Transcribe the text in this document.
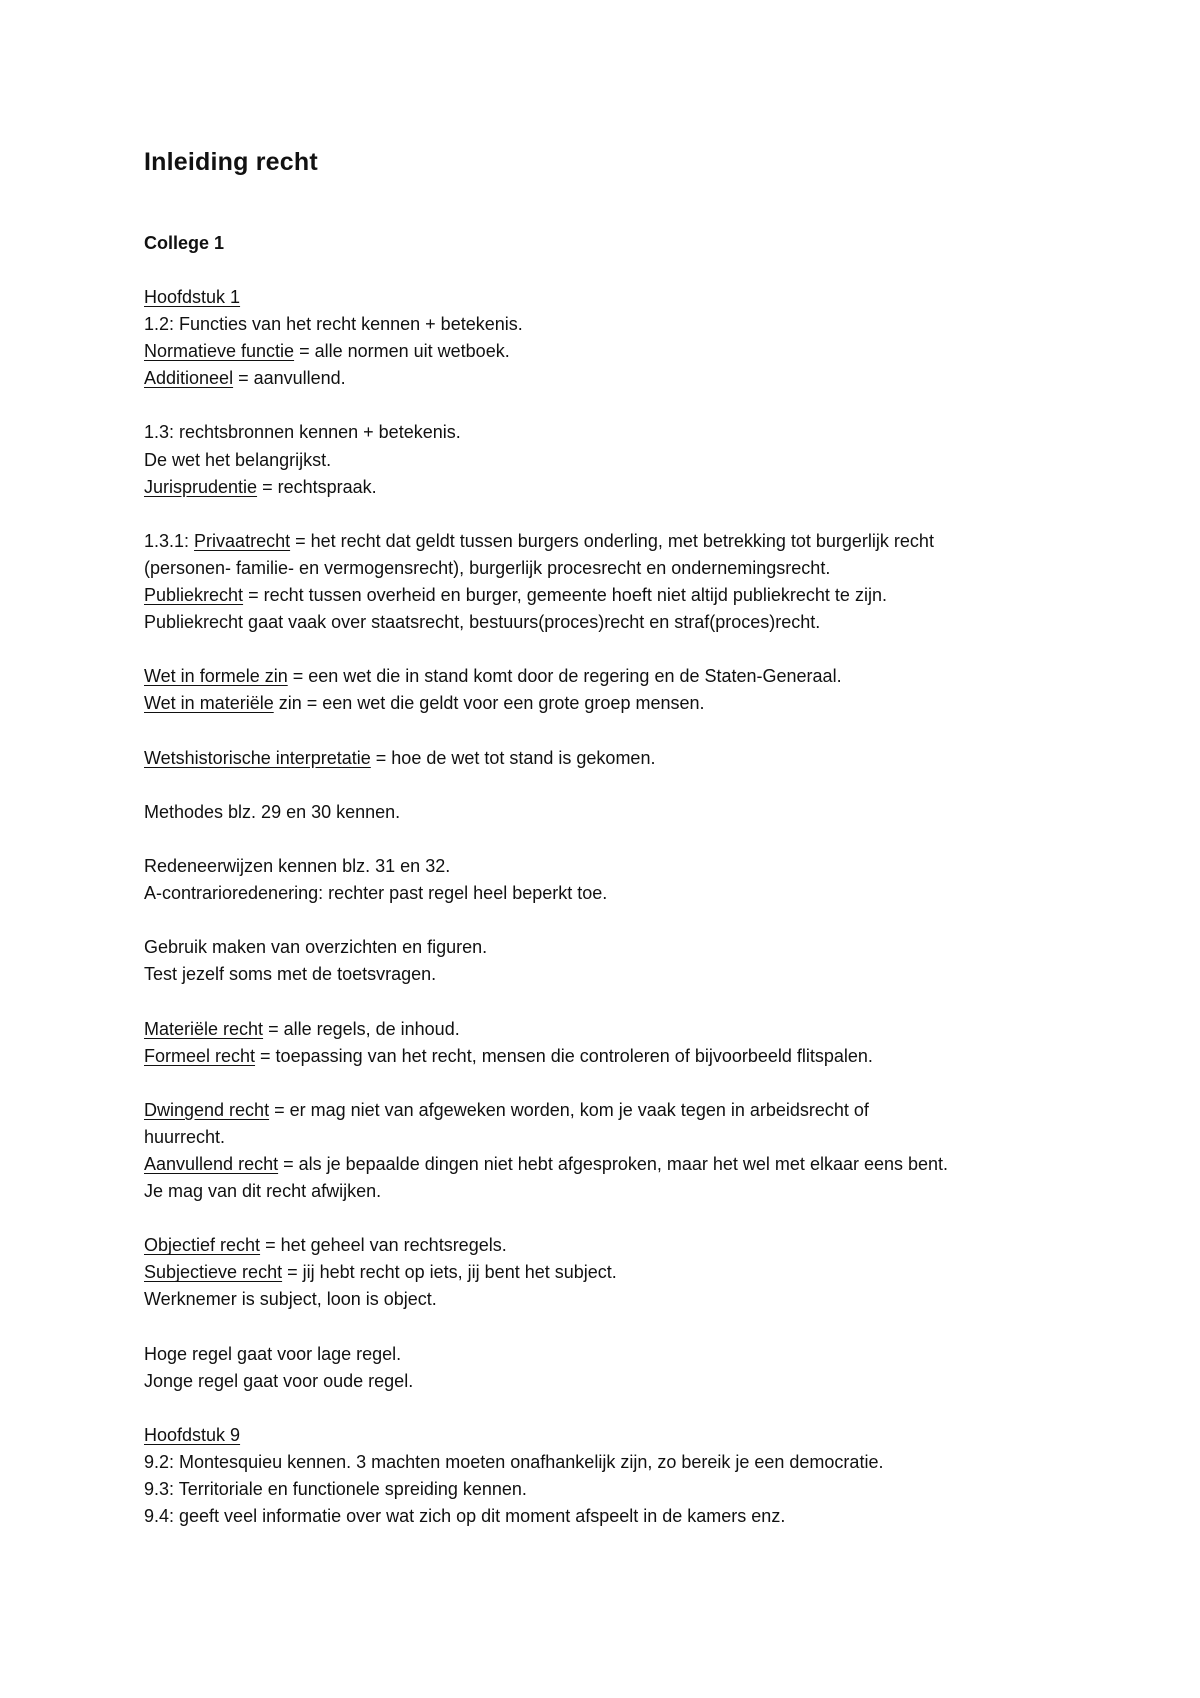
Inleiding recht
College 1
Hoofdstuk 1
1.2: Functies van het recht kennen + betekenis.
Normatieve functie = alle normen uit wetboek.
Additioneel = aanvullend.
1.3: rechtsbronnen kennen + betekenis.
De wet het belangrijkst.
Jurisprudentie = rechtspraak.
1.3.1: Privaatrecht = het recht dat geldt tussen burgers onderling, met betrekking tot burgerlijk recht
(personen- familie- en vermogensrecht), burgerlijk procesrecht en ondernemingsrecht.
Publiekrecht = recht tussen overheid en burger, gemeente hoeft niet altijd publiekrecht te zijn.
Publiekrecht gaat vaak over staatsrecht, bestuurs(proces)recht en straf(proces)recht.
Wet in formele zin = een wet die in stand komt door de regering en de Staten-Generaal.
Wet in materiële zin = een wet die geldt voor een grote groep mensen.
Wetshistorische interpretatie = hoe de wet tot stand is gekomen.
Methodes blz. 29 en 30 kennen.
Redeneerwijzen kennen blz. 31 en 32.
A-contrarioredenering: rechter past regel heel beperkt toe.
Gebruik maken van overzichten en figuren.
Test jezelf soms met de toetsvragen.
Materiële recht = alle regels, de inhoud.
Formeel recht = toepassing van het recht, mensen die controleren of bijvoorbeeld flitspalen.
Dwingend recht = er mag niet van afgeweken worden, kom je vaak tegen in arbeidsrecht of
huurrecht.
Aanvullend recht = als je bepaalde dingen niet hebt afgesproken, maar het wel met elkaar eens bent.
Je mag van dit recht afwijken.
Objectief recht = het geheel van rechtsregels.
Subjectieve recht = jij hebt recht op iets, jij bent het subject.
Werknemer is subject, loon is object.
Hoge regel gaat voor lage regel.
Jonge regel gaat voor oude regel.
Hoofdstuk 9
9.2: Montesquieu kennen. 3 machten moeten onafhankelijk zijn, zo bereik je een democratie.
9.3: Territoriale en functionele spreiding kennen.
9.4: geeft veel informatie over wat zich op dit moment afspeelt in de kamers enz.
